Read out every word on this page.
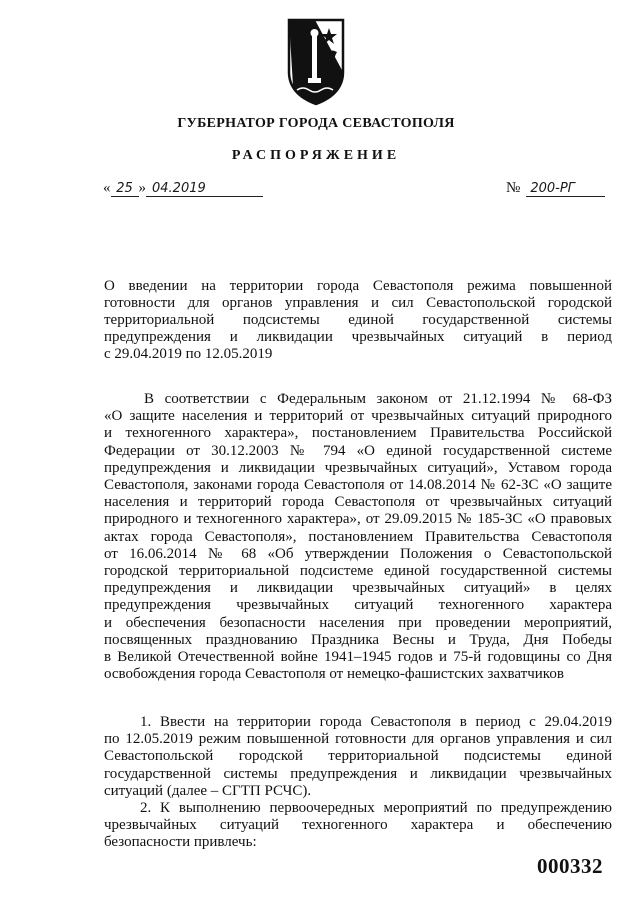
ГУБЕРНАТОР ГОРОДА СЕВАСТОПОЛЯ
РАСПОРЯЖЕНИЕ
« 25 » 04.2019	№ 200-РГ
О введении на территории города Севастополя режима повышенной
готовности для органов управления и сил Севастопольской городской
территориальной подсистемы единой государственной системы
предупреждения и ликвидации чрезвычайных ситуаций в период
с 29.04.2019 по 12.05.2019
В соответствии с Федеральным законом от 21.12.1994 № 68-ФЗ
«О защите населения и территорий от чрезвычайных ситуаций природного
и техногенного характера», постановлением Правительства Российской
Федерации от 30.12.2003 № 794 «О единой государственной системе
предупреждения и ликвидации чрезвычайных ситуаций», Уставом города
Севастополя, законами города Севастополя от 14.08.2014 № 62-ЗС «О защите
населения и территорий города Севастополя от чрезвычайных ситуаций
природного и техногенного характера», от 29.09.2015 № 185-ЗС «О правовых
актах города Севастополя», постановлением Правительства Севастополя
от 16.06.2014 № 68 «Об утверждении Положения о Севастопольской
городской территориальной подсистеме единой государственной системы
предупреждения и ликвидации чрезвычайных ситуаций» в целях
предупреждения чрезвычайных ситуаций техногенного характера
и обеспечения безопасности населения при проведении мероприятий,
посвященных празднованию Праздника Весны и Труда, Дня Победы
в Великой Отечественной войне 1941–1945 годов и 75-й годовщины со Дня
освобождения города Севастополя от немецко-фашистских захватчиков
1. Ввести на территории города Севастополя в период с 29.04.2019
по 12.05.2019 режим повышенной готовности для органов управления и сил
Севастопольской городской территориальной подсистемы единой
государственной системы предупреждения и ликвидации чрезвычайных
ситуаций (далее – СГТП РСЧС).
2. К выполнению первоочередных мероприятий по предупреждению
чрезвычайных ситуаций техногенного характера и обеспечению
безопасности привлечь:
000332
